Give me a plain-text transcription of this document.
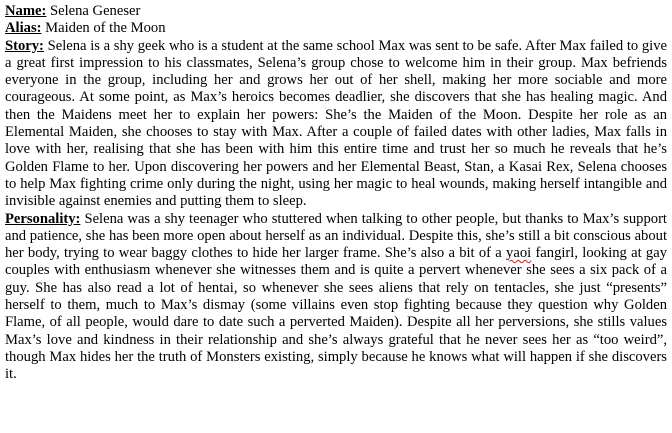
Name: Selena Geneser

Alias: Maiden of the Moon

Story: Selena is a shy geek who is a student at the same school Max was sent to be safe. After Max failed to give a great first impression to his classmates, Selena’s group chose to welcome him in their group. Max befriends everyone in the group, including her and grows her out of her shell, making her more sociable and more courageous. At some point, as Max’s heroics becomes deadlier, she discovers that she has healing magic. And then the Maidens meet her to explain her powers: She’s the Maiden of the Moon. Despite her role as an Elemental Maiden, she chooses to stay with Max. After a couple of failed dates with other ladies, Max falls in love with her, realising that she has been with him this entire time and trust her so much he reveals that he’s Golden Flame to her. Upon discovering her powers and her Elemental Beast, Stan, a Kasai Rex, Selena chooses to help Max fighting crime only during the night, using her magic to heal wounds, making herself intangible and invisible against enemies and putting them to sleep.

Personality: Selena was a shy teenager who stuttered when talking to other people, but thanks to Max’s support and patience, she has been more open about herself as an individual. Despite this, she’s still a bit conscious about her body, trying to wear baggy clothes to hide her larger frame. She’s also a bit of a yaoi fangirl, looking at gay couples with enthusiasm whenever she witnesses them and is quite a pervert whenever she sees a six pack of a guy. She has also read a lot of hentai, so whenever she sees aliens that rely on tentacles, she just “presents” herself to them, much to Max’s dismay (some villains even stop fighting because they question why Golden Flame, of all people, would dare to date such a perverted Maiden). Despite all her perversions, she stills values Max’s love and kindness in their relationship and she’s always grateful that he never sees her as “too weird”, though Max hides her the truth of Monsters existing, simply because he knows what will happen if she discovers it.
